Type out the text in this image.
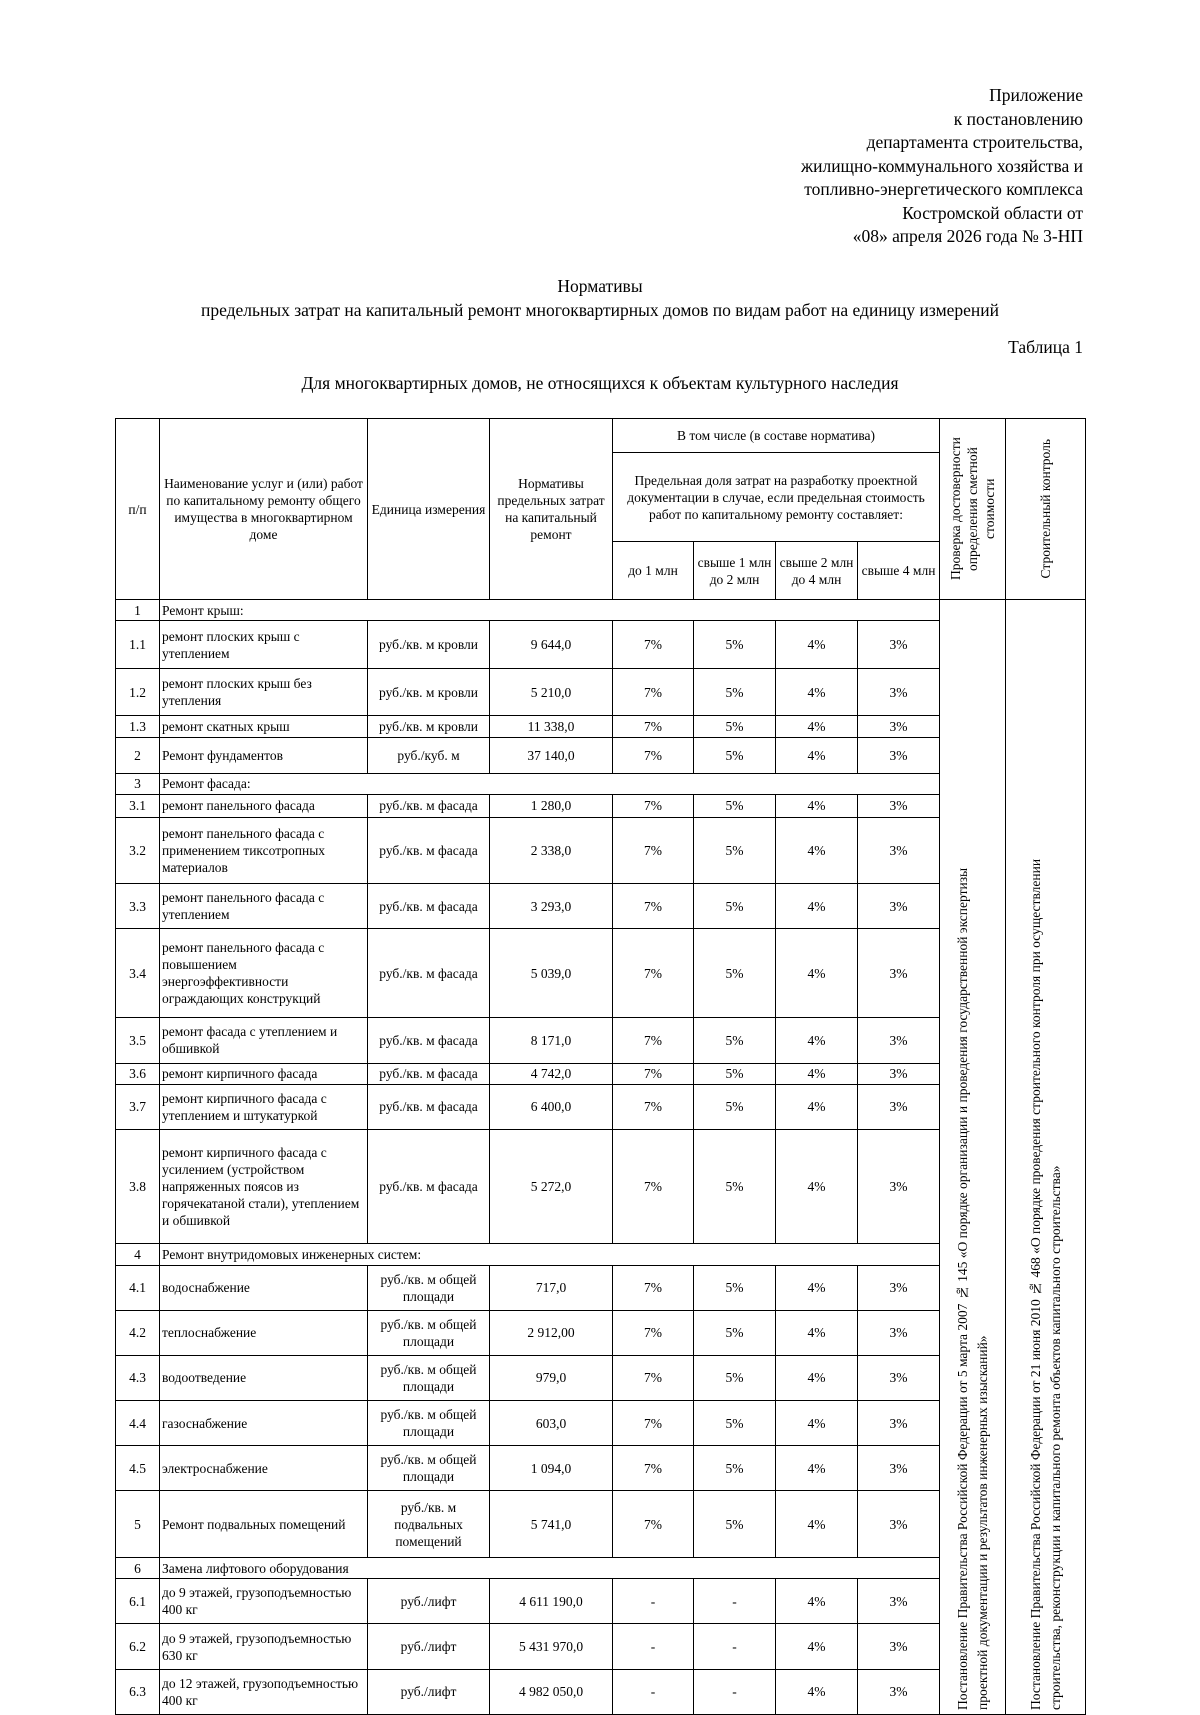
Приложение
к постановлению
департамента строительства,
жилищно-коммунального хозяйства и
топливно-энергетического комплекса
Костромской области от
«08» апреля 2026 года № 3-НП
Нормативы
предельных затрат на капитальный ремонт многоквартирных домов по видам работ на единицу измерений
Таблица 1
Для многоквартирных домов, не относящихся к объектам культурного наследия
п/п	Наименование услуг и (или) работ по капитальному ремонту общего имущества в многоквартирном доме	Единица измерения	Нормативы предельных затрат на капитальный ремонт	В том числе (в составе норматива)				Проверка достоверности определения сметной стоимости	Строительный контроль

				Предельная доля затрат на разработку проектной документации в случае, если предельная стоимость работ по капитальному ремонту составляет:					
				до 1 млн	свыше 1 млн до 2 млн	свыше 2 млн до 4 млн	свыше 4 млн		
1	Ремонт крыш:							Постановление Правительства Российской Федерации от 5 марта 2007 № 145 «О порядке организации и проведения государственной экспертизы проектной документации и результатов инженерных изысканий»	Постановление Правительства Российской Федерации от 21 июня 2010 № 468 «О порядке проведения строительного контроля при осуществлении строительства, реконструкции и капитального ремонта объектов капитального строительства»

1.1	ремонт плоских крыш с утеплением	руб./кв. м кровли	9 644,0	7%	5%	4%	3%		
1.2	ремонт плоских крыш без утепления	руб./кв. м кровли	5 210,0	7%	5%	4%	3%		
1.3	ремонт скатных крыш	руб./кв. м кровли	11 338,0	7%	5%	4%	3%		
2	Ремонт фундаментов	руб./куб. м	37 140,0	7%	5%	4%	3%		
3	Ремонт фасада:								
3.1	ремонт панельного фасада	руб./кв. м фасада	1 280,0	7%	5%	4%	3%		
3.2	ремонт панельного фасада с применением тиксотропных материалов	руб./кв. м фасада	2 338,0	7%	5%	4%	3%		
3.3	ремонт панельного фасада с утеплением	руб./кв. м фасада	3 293,0	7%	5%	4%	3%		
3.4	ремонт панельного фасада с повышением энергоэффективности ограждающих конструкций	руб./кв. м фасада	5 039,0	7%	5%	4%	3%		
3.5	ремонт фасада с утеплением и обшивкой	руб./кв. м фасада	8 171,0	7%	5%	4%	3%		
3.6	ремонт кирпичного фасада	руб./кв. м фасада	4 742,0	7%	5%	4%	3%		
3.7	ремонт кирпичного фасада с утеплением и штукатуркой	руб./кв. м фасада	6 400,0	7%	5%	4%	3%		
3.8	ремонт кирпичного фасада с усилением (устройством напряженных поясов из горячекатаной стали), утеплением и обшивкой	руб./кв. м фасада	5 272,0	7%	5%	4%	3%		
4	Ремонт внутридомовых инженерных систем:								
4.1	водоснабжение	руб./кв. м общей площади	717,0	7%	5%	4%	3%		
4.2	теплоснабжение	руб./кв. м общей площади	2 912,00	7%	5%	4%	3%		
4.3	водоотведение	руб./кв. м общей площади	979,0	7%	5%	4%	3%		
4.4	газоснабжение	руб./кв. м общей площади	603,0	7%	5%	4%	3%		
4.5	электроснабжение	руб./кв. м общей площади	1 094,0	7%	5%	4%	3%		
5	Ремонт подвальных помещений	руб./кв. м подвальных помещений	5 741,0	7%	5%	4%	3%		
6	Замена лифтового оборудования								
6.1	до 9 этажей, грузоподъемностью 400 кг	руб./лифт	4 611 190,0	-	-	4%	3%		
6.2	до 9 этажей, грузоподъемностью 630 кг	руб./лифт	5 431 970,0	-	-	4%	3%		
6.3	до 12 этажей, грузоподъемностью 400 кг	руб./лифт	4 982 050,0	-	-	4%	3%		
